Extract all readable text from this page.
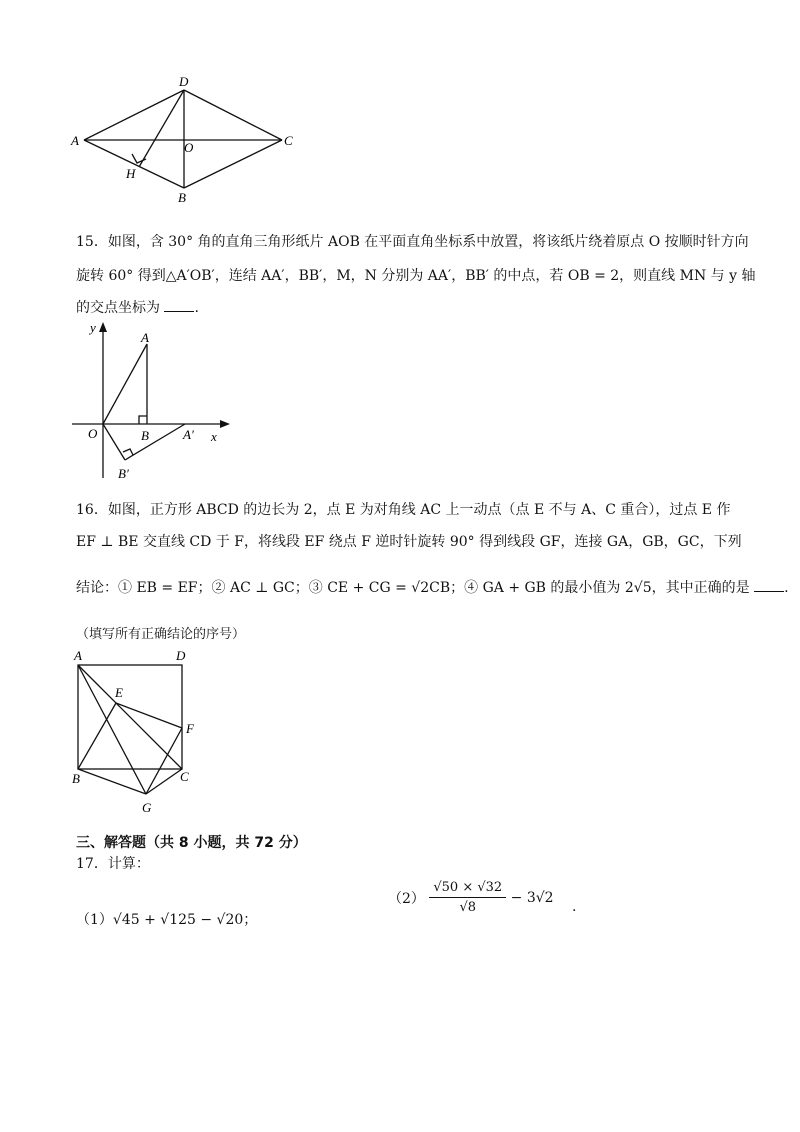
D
A	O	C
H
B
15．如图，含 30° 角的直角三角形纸片 AOB 在平面直角坐标系中放置，将该纸片绕着原点 O 按顺时针方向
旋转 60° 得到△A′OB′，连结 AA′，BB′，M，N 分别为 AA′，BB′ 的中点，若 OB = 2，则直线 MN 与 y 轴
的交点坐标为 .
y
A
O	B	A′ x
B′
16．如图，正方形 ABCD 的边长为 2，点 E 为对角线 AC 上一动点（点 E 不与 A、C 重合），过点 E 作
EF ⊥ BE 交直线 CD 于 F，将线段 EF 绕点 F 逆时针旋转 90° 得到线段 GF，连接 GA，GB，GC，下列
结论：① EB = EF；② AC ⊥ GC；③ CE + CG = √2CB；④ GA + GB 的最小值为 2√5，其中正确的是 .
（填写所有正确结论的序号）
A	D
E
F
B	C
G
三、解答题（共 8 小题，共 72 分）
17．计算：
（1）√45 + √125 − √20；
$(2) \frac{√50 \times √32}{√8} - 3√2$ .
